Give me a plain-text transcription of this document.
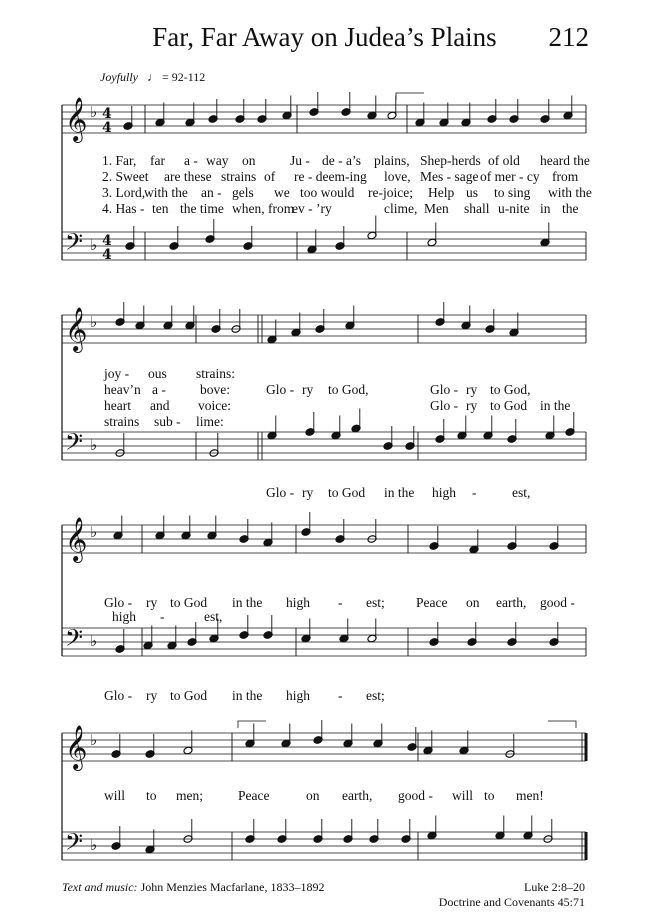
Far, Far Away on Judea’s Plains	212
Joyfully ♩ = 92-112
𝄞 ♭ 4
4
𝄢 ♭ 4
4
𝄞 ♭
𝄢 ♭
𝄞 ♭
𝄢 ♭
𝄞 ♭
𝄢 ♭
1. Far, far a - way on	Ju - de - a’s plains, Shep-herds of old heard the
2. Sweet are these strains of re - deem-ing love, Mes - sage of mer - cy from
3. Lord,
with the an - gels we too would re-joice; Help us to sing with the
4. Has - ten the time when, from
ev - ’ry	clime, Men shall u-nite in the
joy - ous strains:
heav’n a -	bove:	Glo - ry to God,	Glo - ry to God,
heart and voice:	Glo - ry to God in the
strains sub - lime:
Glo - ry to God in the high -	est,
Glo - ry to God in the high - est; Peace on earth, good -
high -	est,
Glo - ry to God in the high - est;
will to men;	Peace	on earth, good - will to men!
Text and music: John Menzies Macfarlane, 1833–1892	Luke 2:8–20
Doctrine and Covenants 45:71
